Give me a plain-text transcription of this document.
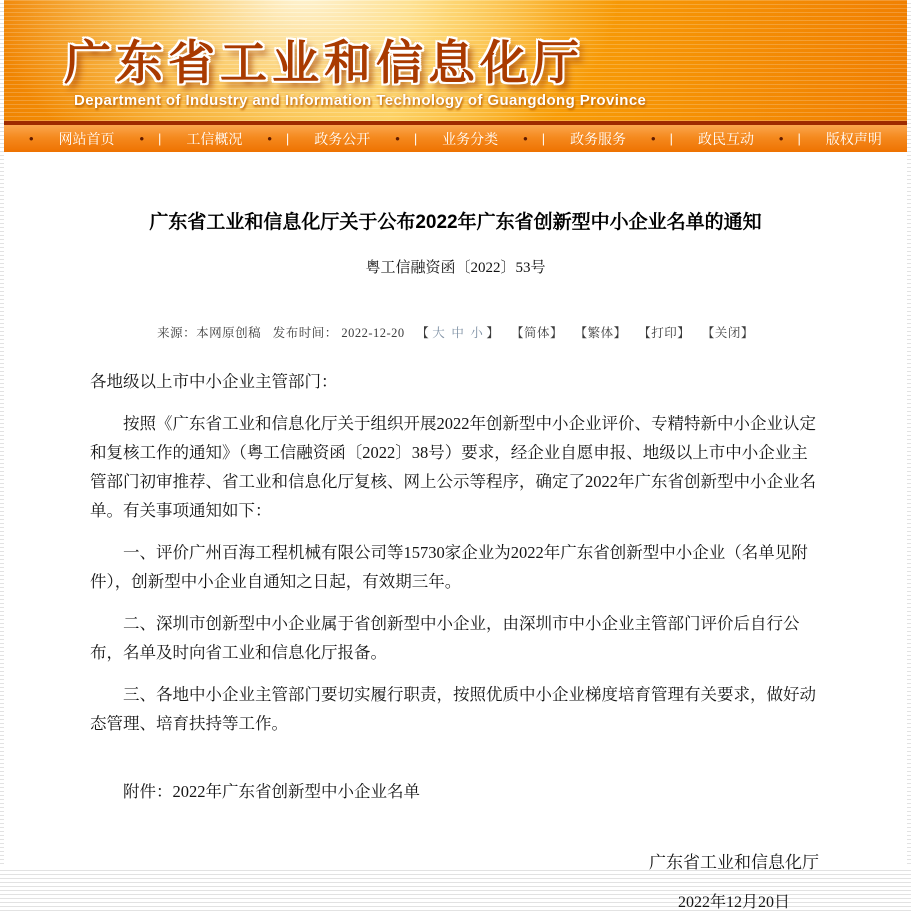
广东省工业和信息化厅
Department of Industry and Information Technology of Guangdong Province
• 网站首页 • | 工信概况 • | 政务公开 • | 业务分类 • | 政务服务 • | 政民互动 • | 版权声明
广东省工业和信息化厅关于公布2022年广东省创新型中小企业名单的通知
粤工信融资函〔2022〕53号
来源：本网原创稿 发布时间： 2022-12-20 【 大 中 小 】 【简体】 【繁体】 【打印】 【关闭】

各地级以上市中小企业主管部门：

按照《广东省工业和信息化厅关于组织开展2022年创新型中小企业评价、专精特新中小企业认定和复核工作的通知》（粤工信融资函〔2022〕38号）要求，经企业自愿申报、地级以上市中小企业主管部门初审推荐、省工业和信息化厅复核、网上公示等程序，确定了2022年广东省创新型中小企业名单。有关事项通知如下：

一、评价广州百海工程机械有限公司等15730家企业为2022年广东省创新型中小企业（名单见附件），创新型中小企业自通知之日起，有效期三年。

二、深圳市创新型中小企业属于省创新型中小企业，由深圳市中小企业主管部门评价后自行公布，名单及时向省工业和信息化厅报备。

三、各地中小企业主管部门要切实履行职责，按照优质中小企业梯度培育管理有关要求，做好动态管理、培育扶持等工作。

附件：2022年广东省创新型中小企业名单
广东省工业和信息化厅
2022年12月20日
